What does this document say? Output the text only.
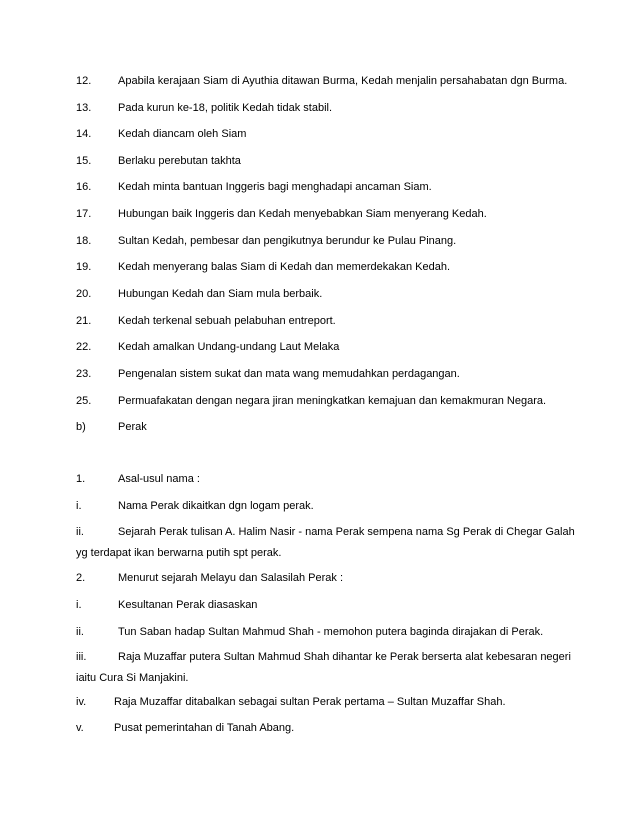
12. Apabila kerajaan Siam di Ayuthia ditawan Burma, Kedah menjalin persahabatan dgn Burma.
13. Pada kurun ke-18, politik Kedah tidak stabil.
14. Kedah diancam oleh Siam
15. Berlaku perebutan takhta
16. Kedah minta bantuan Inggeris bagi menghadapi ancaman Siam.
17. Hubungan baik Inggeris dan Kedah menyebabkan Siam menyerang Kedah.
18. Sultan Kedah, pembesar dan pengikutnya berundur ke Pulau Pinang.
19. Kedah menyerang balas Siam di Kedah dan memerdekakan Kedah.
20. Hubungan Kedah dan Siam mula berbaik.
21. Kedah terkenal sebuah pelabuhan entreport.
22. Kedah amalkan Undang-undang Laut Melaka
23. Pengenalan sistem sukat dan mata wang memudahkan perdagangan.
25. Permuafakatan dengan negara jiran meningkatkan kemajuan dan kemakmuran Negara.
b)	Perak
1.	Asal-usul nama :
i.	Nama Perak dikaitkan dgn logam perak.
ii.	Sejarah Perak tulisan A. Halim Nasir - nama Perak sempena nama Sg Perak di Chegar Galah yg terdapat ikan berwarna putih spt perak.
2.	Menurut sejarah Melayu dan Salasilah Perak :
i.	Kesultanan Perak diasaskan
ii.	Tun Saban hadap Sultan Mahmud Shah - memohon putera baginda dirajakan di Perak.
iii.	Raja Muzaffar putera Sultan Mahmud Shah dihantar ke Perak berserta alat kebesaran negeri iaitu Cura Si Manjakini.
iv.	Raja Muzaffar ditabalkan sebagai sultan Perak pertama – Sultan Muzaffar Shah.
v.	Pusat pemerintahan di Tanah Abang.
